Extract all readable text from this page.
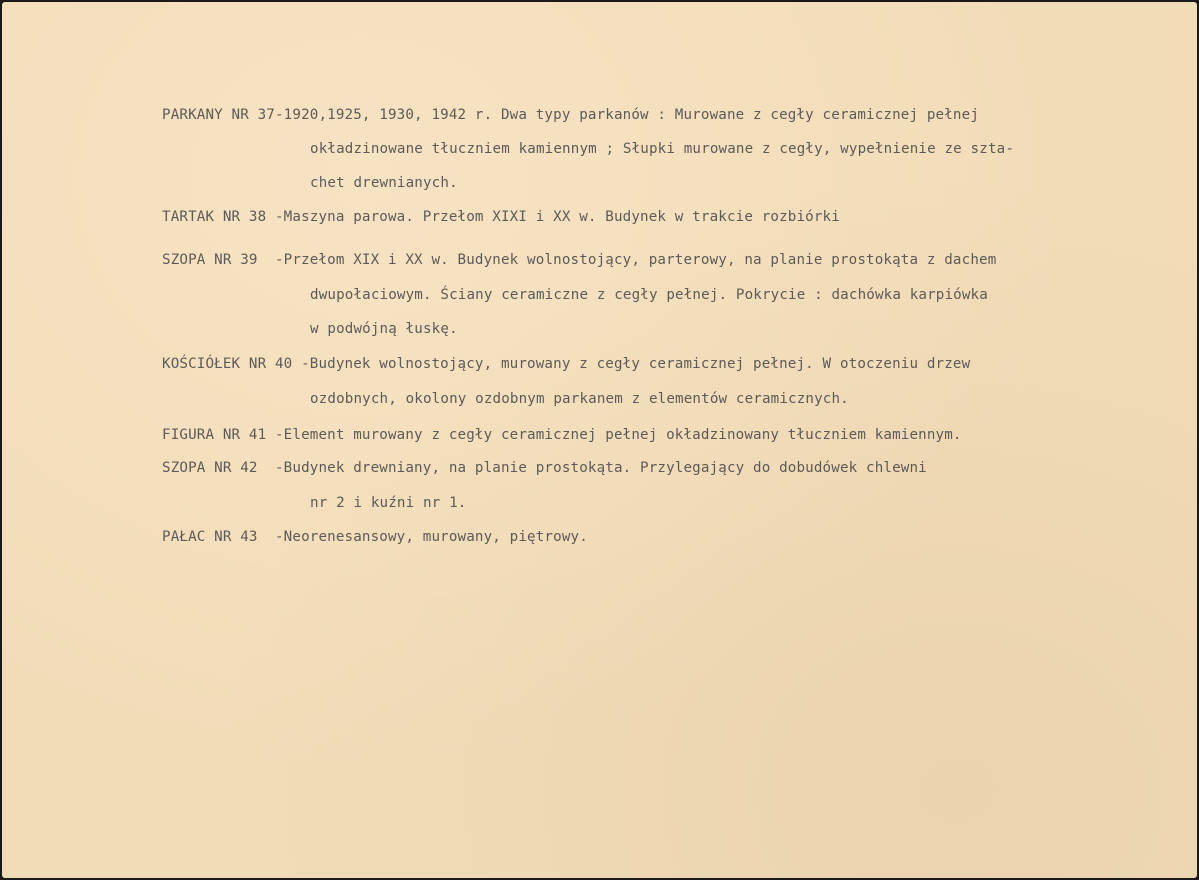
PARKANY NR 37-1920,1925, 1930, 1942 r. Dwa typy parkanów : Murowane z cegły ceramicznej pełnej
okładzinowane tłuczniem kamiennym ; Słupki murowane z cegły, wypełnienie ze szta-
chet drewnianych.
TARTAK NR 38 -Maszyna parowa. Przełom XIXI i XX w. Budynek w trakcie rozbiórki
SZOPA NR 39  -Przełom XIX i XX w. Budynek wolnostojący, parterowy, na planie prostokąta z dachem
dwupołaciowym. Ściany ceramiczne z cegły pełnej. Pokrycie : dachówka karpiówka
w podwójną łuskę.
KOŚCIÓŁEK NR 40 -Budynek wolnostojący, murowany z cegły ceramicznej pełnej. W otoczeniu drzew
ozdobnych, okolony ozdobnym parkanem z elementów ceramicznych.
FIGURA NR 41 -Element murowany z cegły ceramicznej pełnej okładzinowany tłuczniem kamiennym.
SZOPA NR 42  -Budynek drewniany, na planie prostokąta. Przylegający do dobudówek chlewni
nr 2 i kuźni nr 1.
PAŁAC NR 43  -Neorenesansowy, murowany, piętrowy.
